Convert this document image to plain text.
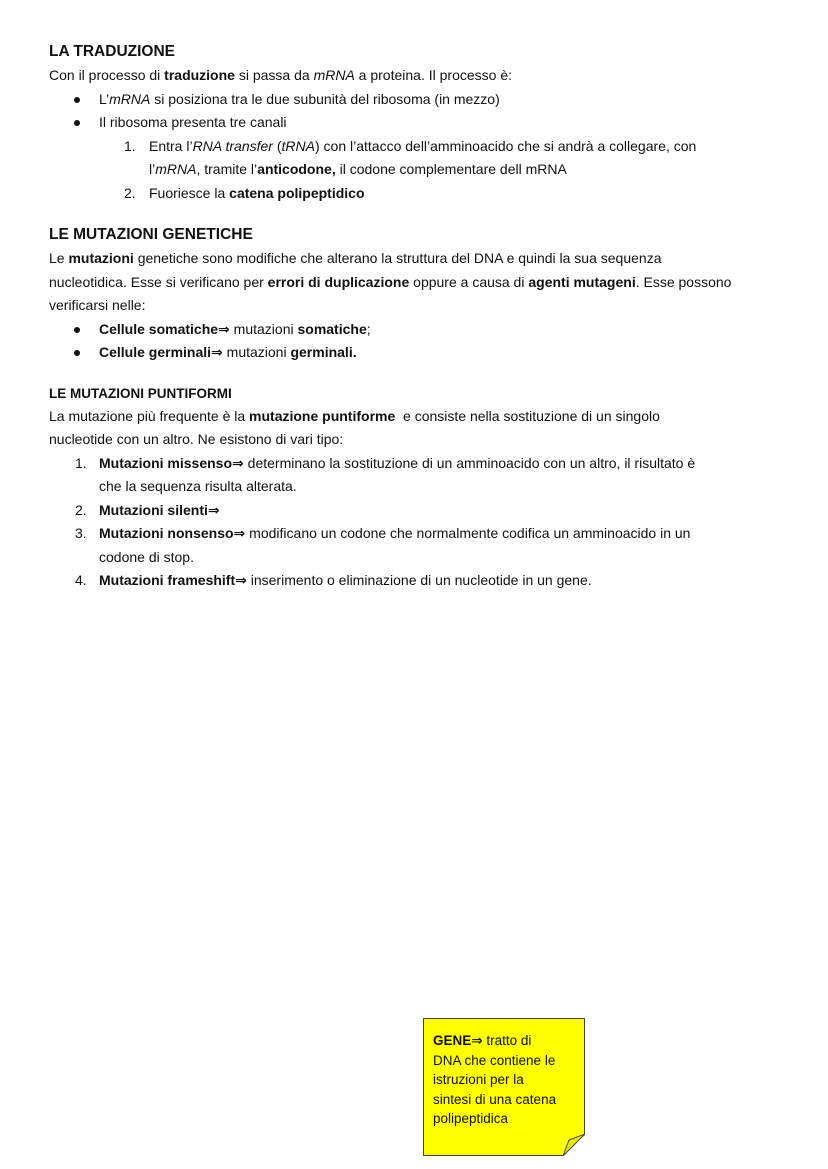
LA TRADUZIONE
Con il processo di traduzione si passa da mRNA a proteina. Il processo è:
L’mRNA si posiziona tra le due subunità del ribosoma (in mezzo)
Il ribosoma presenta tre canali
1. Entra l’RNA transfer (tRNA) con l’attacco dell’amminoacido che si andrà a collegare, con
l’mRNA, tramite l’anticodone, il codone complementare dell mRNA
2. Fuoriesce la catena polipeptidico
LE MUTAZIONI GENETICHE
Le mutazioni genetiche sono modifiche che alterano la struttura del DNA e quindi la sua sequenza
nucleotidica. Esse si verificano per errori di duplicazione oppure a causa di agenti mutageni. Esse possono
verificarsi nelle:
Cellule somatiche⇒ mutazioni somatiche;
Cellule germinali⇒ mutazioni germinali.
LE MUTAZIONI PUNTIFORMI
La mutazione più frequente è la mutazione puntiforme  e consiste nella sostituzione di un singolo
nucleotide con un altro. Ne esistono di vari tipo:
1. Mutazioni missenso⇒ determinano la sostituzione di un amminoacido con un altro, il risultato è
che la sequenza risulta alterata.
2. Mutazioni silenti⇒
3. Mutazioni nonsenso⇒ modificano un codone che normalmente codifica un amminoacido in un
codone di stop.
4. Mutazioni frameshift⇒ inserimento o eliminazione di un nucleotide in un gene.
GENE⇒ tratto di
DNA che contiene le
istruzioni per la
sintesi di una catena
polipeptidica
